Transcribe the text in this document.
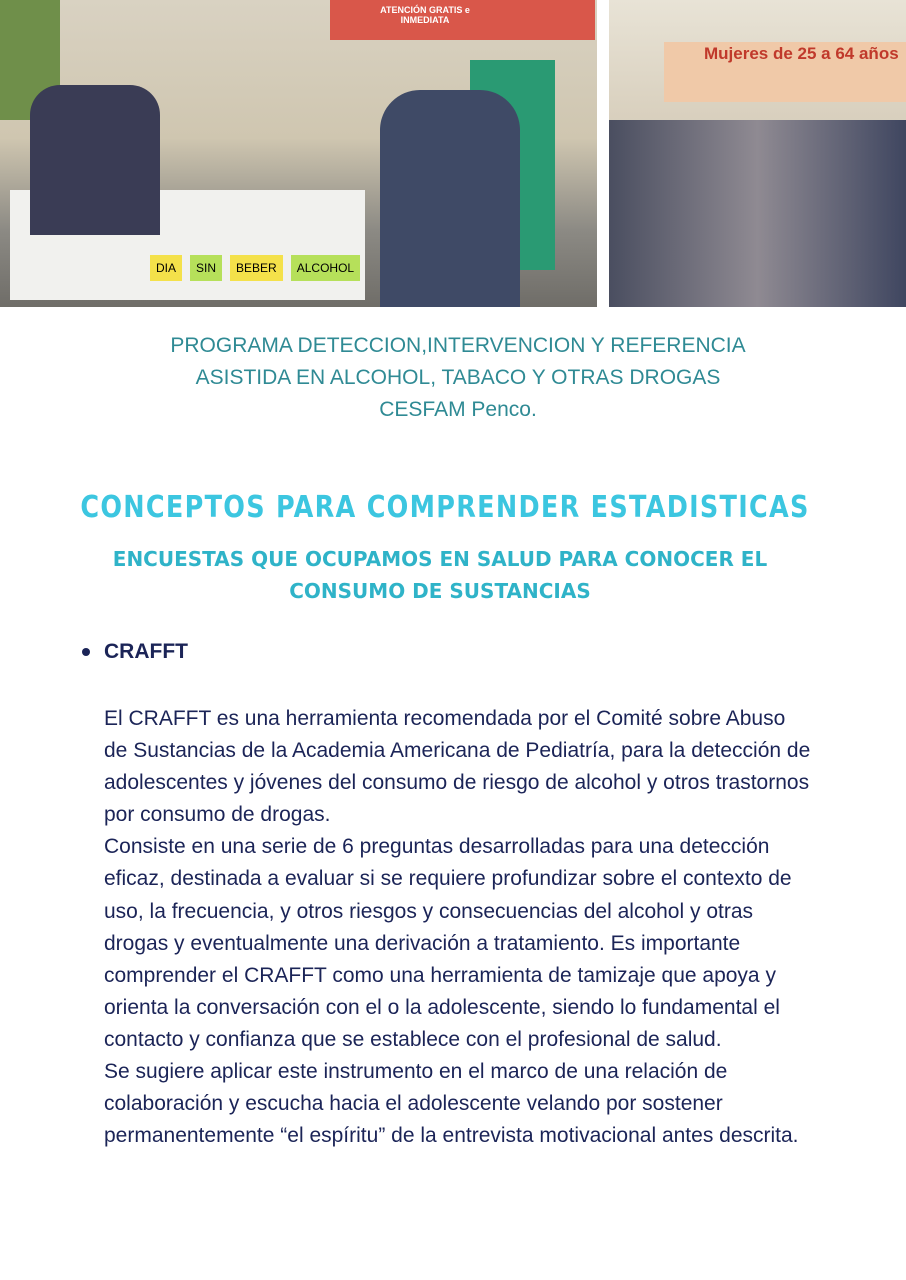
ATENCIÓN GRATIS e INMEDIATA
DIA	SIN	BEBER	ALCOHOL
Mujeres de 25 a 64 años
PROGRAMA DETECCION,INTERVENCION Y REFERENCIA
ASISTIDA EN ALCOHOL, TABACO Y OTRAS DROGAS
CESFAM Penco.
CONCEPTOS PARA COMPRENDER ESTADISTICAS
ENCUESTAS QUE OCUPAMOS EN SALUD PARA CONOCER EL CONSUMO DE SUSTANCIAS
CRAFFT

El CRAFFT es una herramienta recomendada por el Comité sobre Abuso de Sustancias de la Academia Americana de Pediatría, para la detección de adolescentes y jóvenes del consumo de riesgo de alcohol y otros trastornos por consumo de drogas.

Consiste en una serie de 6 preguntas desarrolladas para una detección eficaz, destinada a evaluar si se requiere profundizar sobre el contexto de uso, la frecuencia, y otros riesgos y consecuencias del alcohol y otras drogas y eventualmente una derivación a tratamiento. Es importante comprender el CRAFFT como una herramienta de tamizaje que apoya y orienta la conversación con el o la adolescente, siendo lo fundamental el contacto y confianza que se establece con el profesional de salud.

Se sugiere aplicar este instrumento en el marco de una relación de colaboración y escucha hacia el adolescente velando por sostener permanentemente “el espíritu” de la entrevista motivacional antes descrita.
